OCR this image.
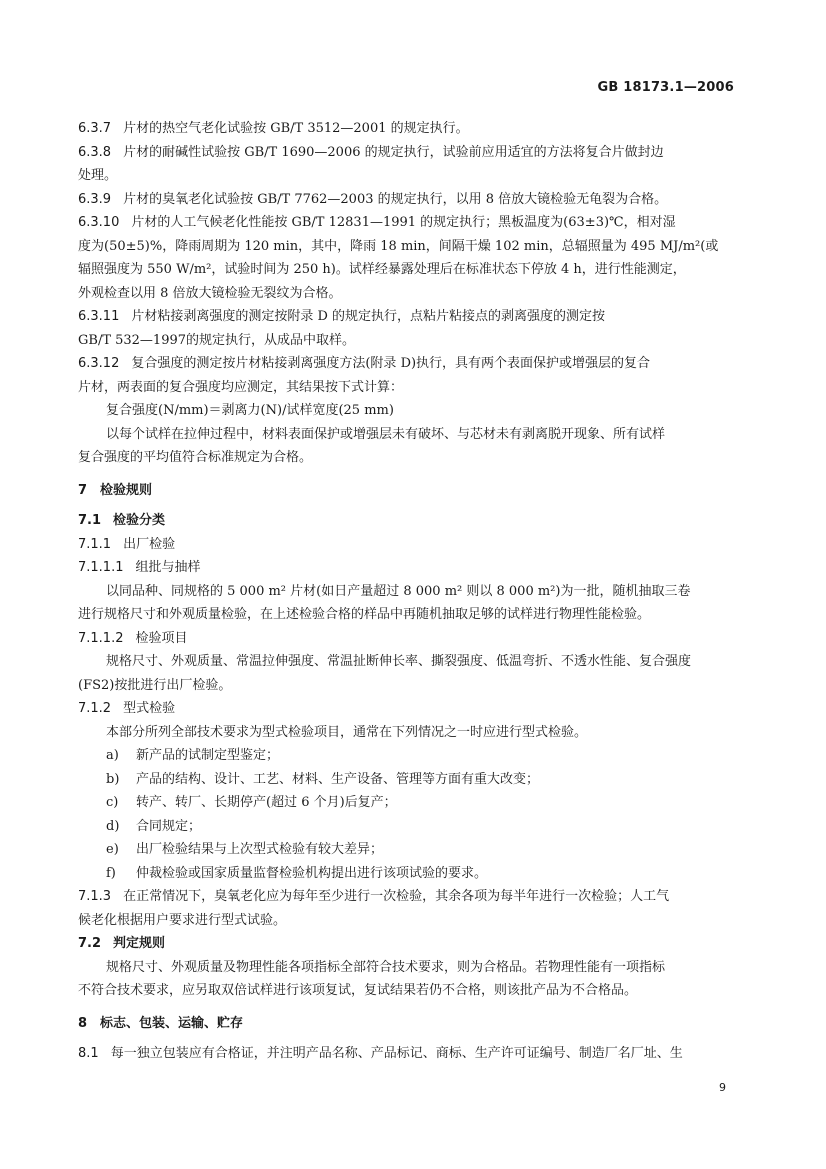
GB 18173.1—2006
6.3.7 片材的热空气老化试验按 GB/T 3512—2001 的规定执行。
6.3.8 片材的耐碱性试验按 GB/T 1690—2006 的规定执行，试验前应用适宜的方法将复合片做封边
处理。
6.3.9 片材的臭氧老化试验按 GB/T 7762—2003 的规定执行，以用 8 倍放大镜检验无龟裂为合格。
6.3.10 片材的人工气候老化性能按 GB/T 12831—1991 的规定执行；黑板温度为(63±3)℃，相对湿
度为(50±5)%，降雨周期为 120 min，其中，降雨 18 min，间隔干燥 102 min，总辐照量为 495 MJ/m²(或
辐照强度为 550 W/m²，试验时间为 250 h)。试样经暴露处理后在标准状态下停放 4 h，进行性能测定，
外观检查以用 8 倍放大镜检验无裂纹为合格。
6.3.11 片材粘接剥离强度的测定按附录 D 的规定执行，点粘片粘接点的剥离强度的测定按
GB/T 532—1997的规定执行，从成品中取样。
6.3.12 复合强度的测定按片材粘接剥离强度方法(附录 D)执行，具有两个表面保护或增强层的复合
片材，两表面的复合强度均应测定，其结果按下式计算：
复合强度(N/mm)＝剥离力(N)/试样宽度(25 mm)
以每个试样在拉伸过程中，材料表面保护或增强层未有破坏、与芯材未有剥离脱开现象、所有试样
复合强度的平均值符合标准规定为合格。
7　检验规则
7.1 检验分类
7.1.1 出厂检验
7.1.1.1 组批与抽样
以同品种、同规格的 5 000 m² 片材(如日产量超过 8 000 m² 则以 8 000 m²)为一批，随机抽取三卷
进行规格尺寸和外观质量检验，在上述检验合格的样品中再随机抽取足够的试样进行物理性能检验。
7.1.1.2 检验项目
规格尺寸、外观质量、常温拉伸强度、常温扯断伸长率、撕裂强度、低温弯折、不透水性能、复合强度
(FS2)按批进行出厂检验。
7.1.2 型式检验
本部分所列全部技术要求为型式检验项目，通常在下列情况之一时应进行型式检验。
a) 新产品的试制定型鉴定；
b) 产品的结构、设计、工艺、材料、生产设备、管理等方面有重大改变；
c) 转产、转厂、长期停产(超过 6 个月)后复产；
d) 合同规定；
e) 出厂检验结果与上次型式检验有较大差异；
f) 仲裁检验或国家质量监督检验机构提出进行该项试验的要求。
7.1.3 在正常情况下，臭氧老化应为每年至少进行一次检验，其余各项为每半年进行一次检验；人工气
候老化根据用户要求进行型式试验。
7.2 判定规则
规格尺寸、外观质量及物理性能各项指标全部符合技术要求，则为合格品。若物理性能有一项指标
不符合技术要求，应另取双倍试样进行该项复试，复试结果若仍不合格，则该批产品为不合格品。
8　标志、包装、运输、贮存
8.1 每一独立包装应有合格证，并注明产品名称、产品标记、商标、生产许可证编号、制造厂名厂址、生
9
